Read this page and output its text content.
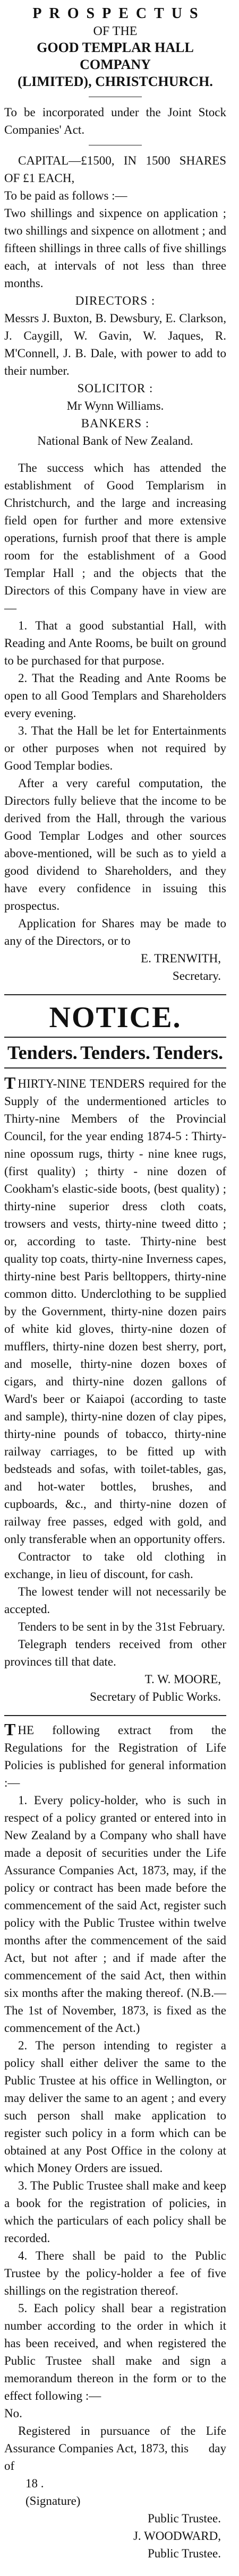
PROSPECTUS
OF THE
GOOD TEMPLAR HALL COMPANY
(LIMITED), CHRISTCHURCH.

To be incorporated under the Joint Stock Companies' Act.

CAPITAL—£1500, IN 1500 SHARES OF £1 EACH,

To be paid as follows :—

Two shillings and sixpence on application ; two shillings and sixpence on allotment ; and fifteen shillings in three calls of five shillings each, at intervals of not less than three months.

DIRECTORS :

Messrs J. Buxton, B. Dewsbury, E. Clarkson, J. Caygill, W. Gavin, W. Jaques, R. M'Connell, J. B. Dale, with power to add to their number.

SOLICITOR :
Mr Wynn Williams.
BANKERS :
National Bank of New Zealand.

The success which has attended the establishment of Good Templarism in Christchurch, and the large and increasing field open for further and more extensive operations, furnish proof that there is ample room for the establishment of a Good Templar Hall ; and the objects that the Directors of this Company have in view are—

1. That a good substantial Hall, with Reading and Ante Rooms, be built on ground to be purchased for that purpose.

2. That the Reading and Ante Rooms be open to all Good Templars and Shareholders every evening.

3. That the Hall be let for Entertainments or other purposes when not required by Good Templar bodies.

After a very careful computation, the Directors fully believe that the income to be derived from the Hall, through the various Good Templar Lodges and other sources above-mentioned, will be such as to yield a good dividend to Shareholders, and they have every confidence in issuing this prospectus.

Application for Shares may be made to any of the Directors, or to

E. TRENWITH,
Secretary.
NOTICE.
Tenders. Tenders. Tenders.

T HIRTY-NINE TENDERS required for the Supply of the undermentioned articles to Thirty-nine Members of the Provincial Council, for the year ending 1874-5 : Thirty-nine opossum rugs, thirty - nine knee rugs, (first quality) ; thirty - nine dozen of Cookham's elastic-side boots, (best quality) ; thirty-nine superior dress cloth coats, trowsers and vests, thirty-nine tweed ditto ; or, according to taste. Thirty-nine best quality top coats, thirty-nine Inverness capes, thirty-nine best Paris belltoppers, thirty-nine common ditto. Underclothing to be supplied by the Government, thirty-nine dozen pairs of white kid gloves, thirty-nine dozen of mufflers, thirty-nine dozen best sherry, port, and moselle, thirty-nine dozen boxes of cigars, and thirty-nine dozen gallons of Ward's beer or Kaiapoi (according to taste and sample), thirty-nine dozen of clay pipes, thirty-nine pounds of tobacco, thirty-nine railway carriages, to be fitted up with bedsteads and sofas, with toilet-tables, gas, and hot-water bottles, brushes, and cupboards, &c., and thirty-nine dozen of railway free passes, edged with gold, and only transferable when an opportunity offers.

Contractor to take old clothing in exchange, in lieu of discount, for cash.

The lowest tender will not necessarily be accepted.

Tenders to be sent in by the 31st February.

Telegraph tenders received from other provinces till that date.

T. W. MOORE,
Secretary of Public Works.

T HE following extract from the Regulations for the Registration of Life Policies is published for general information :—

1. Every policy-holder, who is such in respect of a policy granted or entered into in New Zealand by a Company who shall have made a deposit of securities under the Life Assurance Companies Act, 1873, may, if the policy or contract has been made before the commencement of the said Act, register such policy with the Public Trustee within twelve months after the commencement of the said Act, but not after ; and if made after the commencement of the said Act, then within six months after the making thereof. (N.B.—The 1st of November, 1873, is fixed as the commencement of the Act.)

2. The person intending to register a policy shall either deliver the same to the Public Trustee at his office in Wellington, or may deliver the same to an agent ; and every such person shall make application to register such policy in a form which can be obtained at any Post Office in the colony at which Money Orders are issued.

3. The Public Trustee shall make and keep a book for the registration of policies, in which the particulars of each policy shall be recorded.

4. There shall be paid to the Public Trustee by the policy-holder a fee of five shillings on the registration thereof.

5. Each policy shall bear a registration number according to the order in which it has been received, and when registered the Public Trustee shall make and sign a memorandum thereon in the form or to the effect following :—

No.

Registered in pursuance of the Life Assurance Companies Act, 1873, this day of

18 .
(Signature)
Public Trustee.
J. WOODWARD,
Public Trustee.
